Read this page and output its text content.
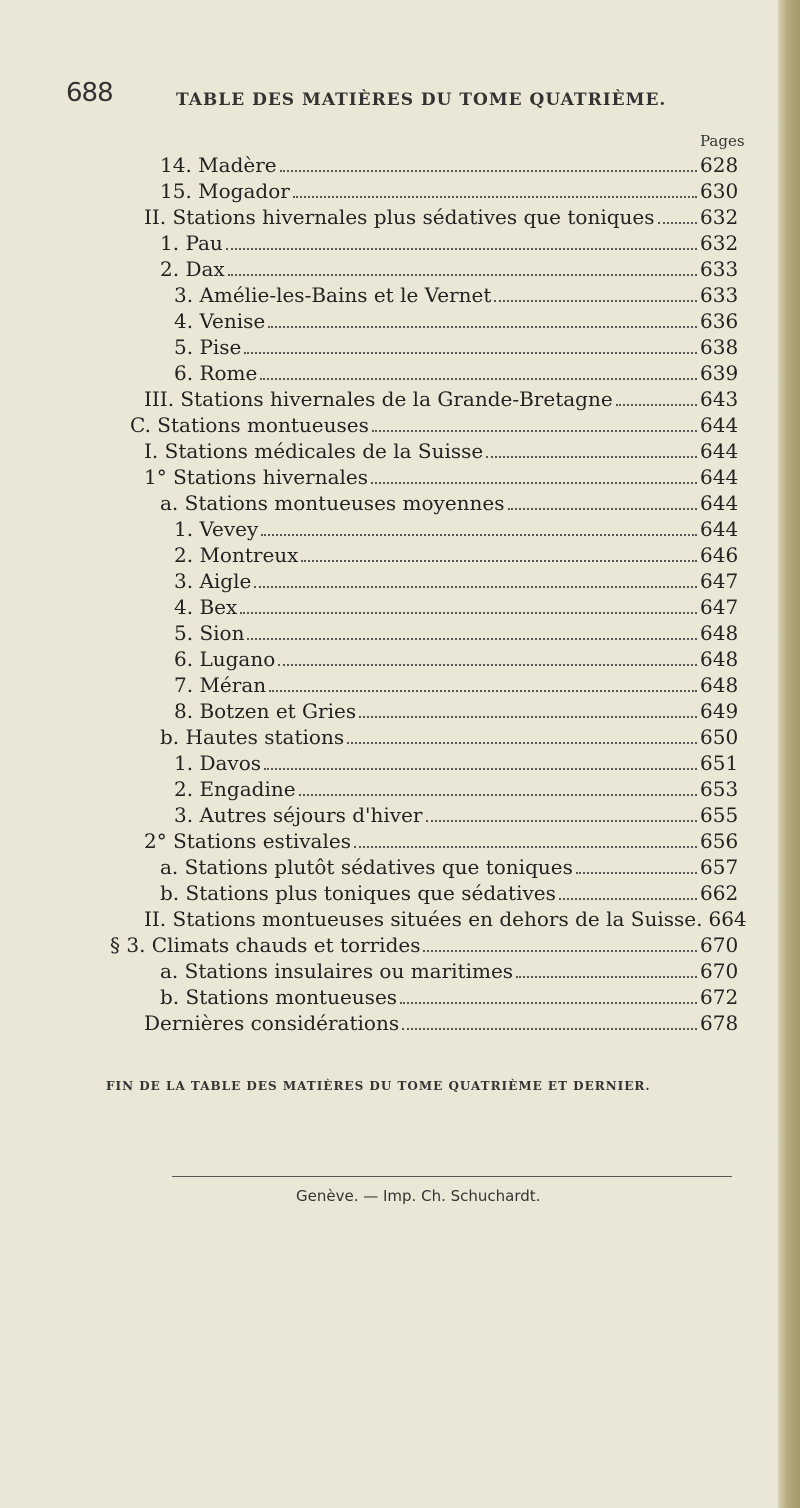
688	TABLE DES MATIÈRES DU TOME QUATRIÈME.
Pages
14. Madère	628
15. Mogador	630
II. Stations hivernales plus sédatives que toniques 632
1. Pau	632
2. Dax	633
3. Amélie-les-Bains et le Vernet	633
4. Venise	636
5. Pise	638
6. Rome	639
III. Stations hivernales de la Grande-Bretagne	643
C. Stations montueuses	644
I. Stations médicales de la Suisse	644
1° Stations hivernales	644
a. Stations montueuses moyennes	644
1. Vevey	644
2. Montreux	646
3. Aigle	647
4. Bex	647
5. Sion	648
6. Lugano	648
7. Méran	648
8. Botzen et Gries	649
b. Hautes stations	650
1. Davos	651
2. Engadine	653
3. Autres séjours d'hiver	655
2° Stations estivales	656
a. Stations plutôt sédatives que toniques	657
b. Stations plus toniques que sédatives	662
II. Stations montueuses situées en dehors de la Suisse. 664
§ 3. Climats chauds et torrides	670
a. Stations insulaires ou maritimes	670
b. Stations montueuses	672
Dernières considérations	678
FIN DE LA TABLE DES MATIÈRES DU TOME QUATRIÈME ET DERNIER.
Genève. — Imp. Ch. Schuchardt.
